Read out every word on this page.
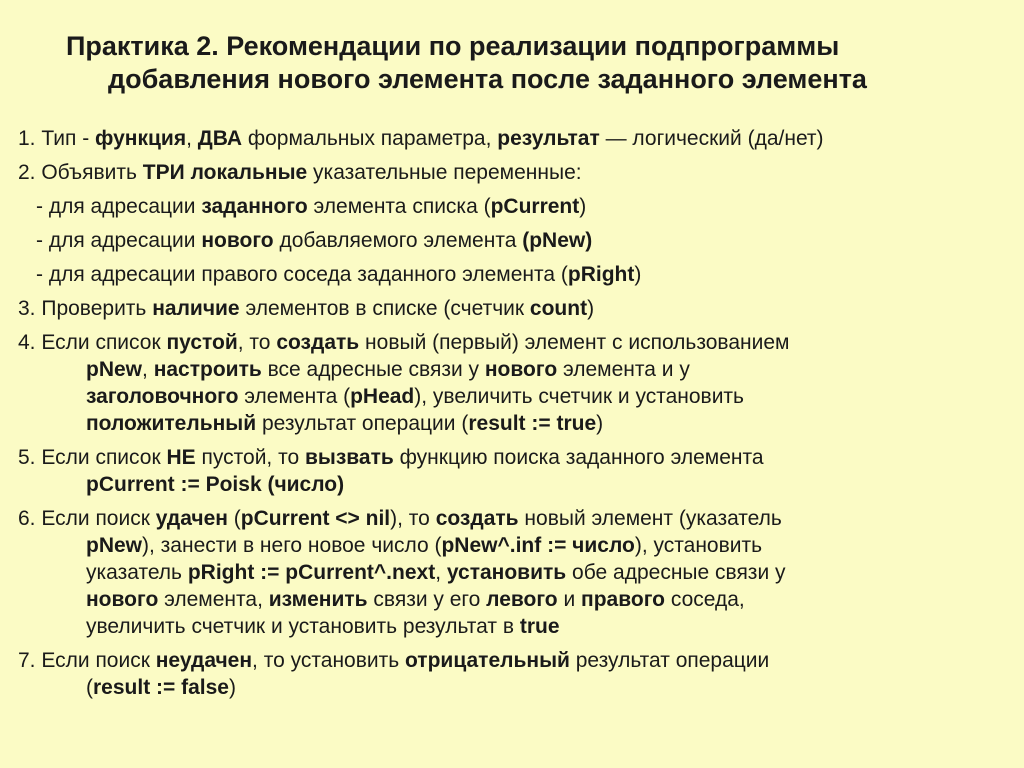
Практика 2. Рекомендации по реализации подпрограммы
добавления нового элемента после заданного элемента
1. Тип - функция, ДВА формальных параметра, результат — логический (да/нет)
2. Объявить ТРИ локальные указательные переменные:
- для адресации заданного элемента списка (pCurrent)
- для адресации нового добавляемого элемента (pNew)
- для адресации правого соседа заданного элемента (pRight)
3. Проверить наличие элементов в списке (счетчик count)
4. Если список пустой, то создать новый (первый) элемент с использованием
pNew, настроить все адресные связи у нового элемента и у
заголовочного элемента (pHead), увеличить счетчик и установить
положительный результат операции (result := true)
5. Если список НЕ пустой, то вызвать функцию поиска заданного элемента
pCurrent := Poisk (число)
6. Если поиск удачен (pCurrent <> nil), то создать новый элемент (указатель
pNew), занести в него новое число (pNew^.inf := число), установить
указатель pRight := pCurrent^.next, установить обе адресные связи у
нового элемента, изменить связи у его левого и правого соседа,
увеличить счетчик и установить результат в true
7. Если поиск неудачен, то установить отрицательный результат операции
(result := false)
